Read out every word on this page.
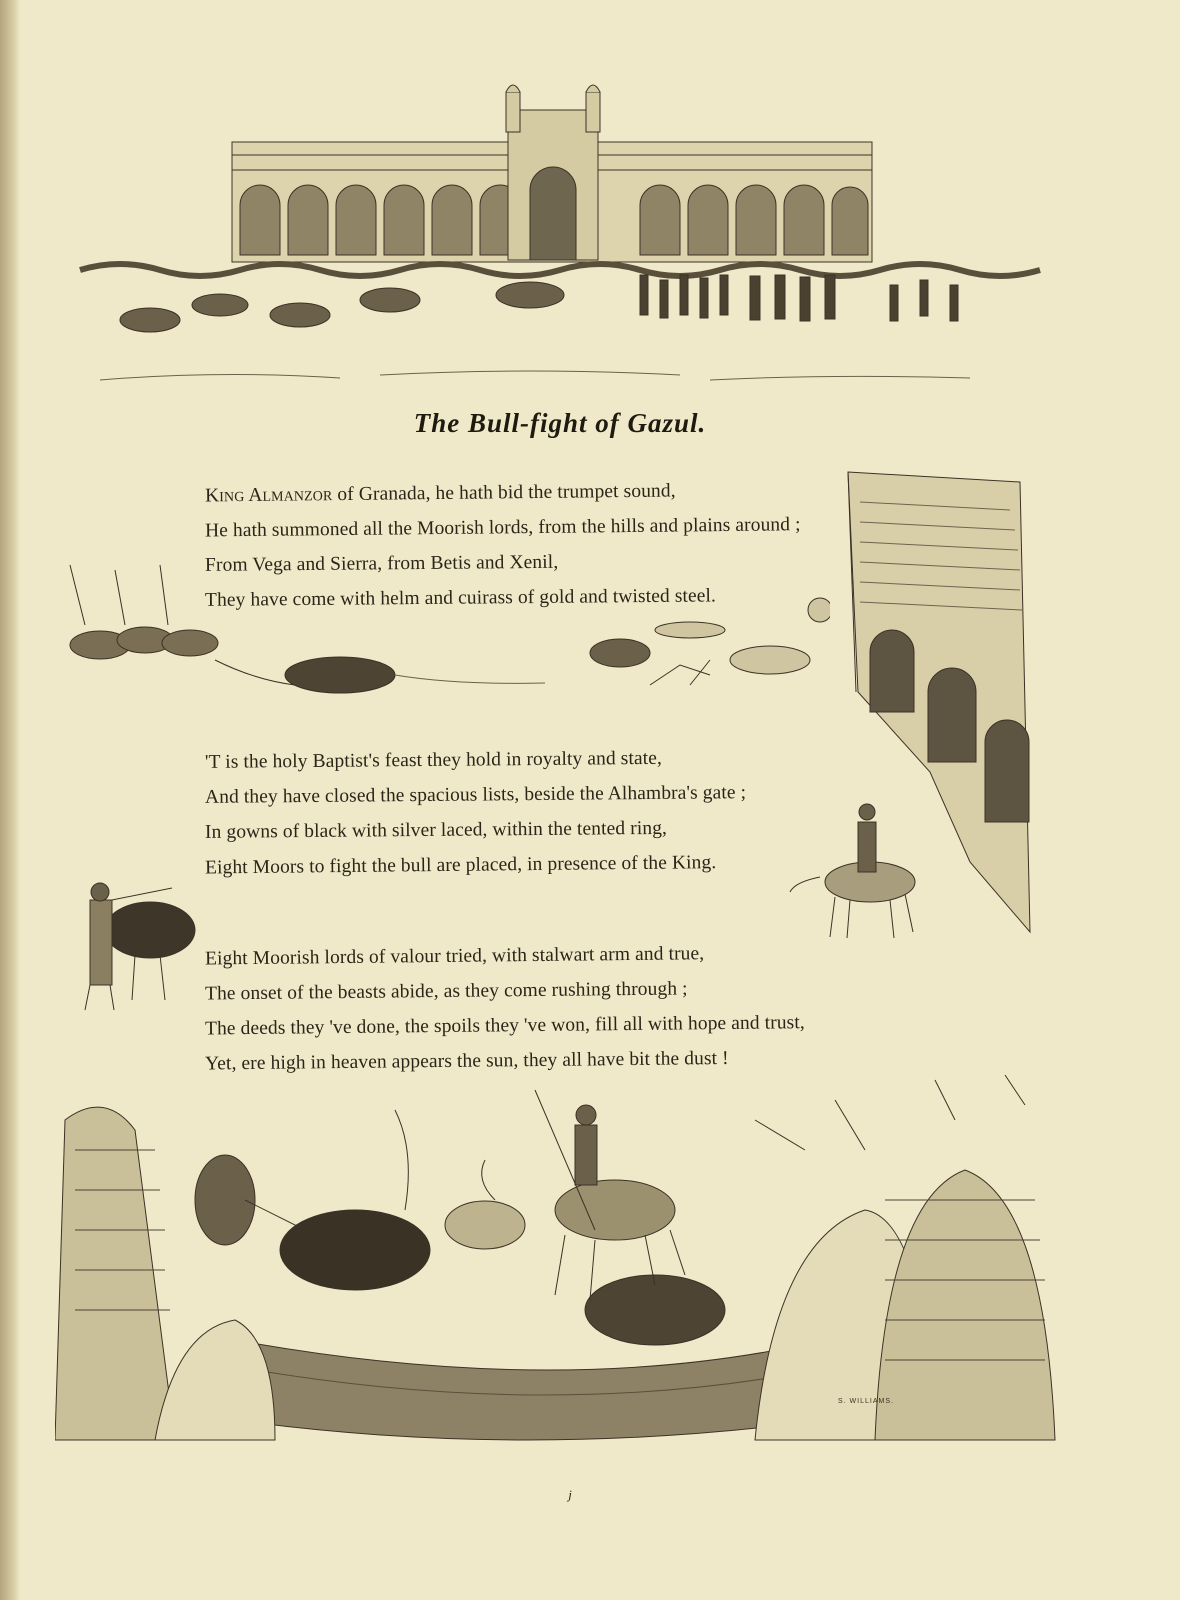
The Bull-fight of Gazul.
King Almanzor of Granada, he hath bid the trumpet sound,
He hath summoned all the Moorish lords, from the hills and plains around ;
From Vega and Sierra, from Betis and Xenil,
They have come with helm and cuirass of gold and twisted steel.
'T is the holy Baptist's feast they hold in royalty and state,
And they have closed the spacious lists, beside the Alhambra's gate ;
In gowns of black with silver laced, within the tented ring,
Eight Moors to fight the bull are placed, in presence of the King.
Eight Moorish lords of valour tried, with stalwart arm and true,
The onset of the beasts abide, as they come rushing through ;
The deeds they 've done, the spoils they 've won, fill all with hope and trust,
Yet, ere high in heaven appears the sun, they all have bit the dust !
S. WILLIAMS.
j
